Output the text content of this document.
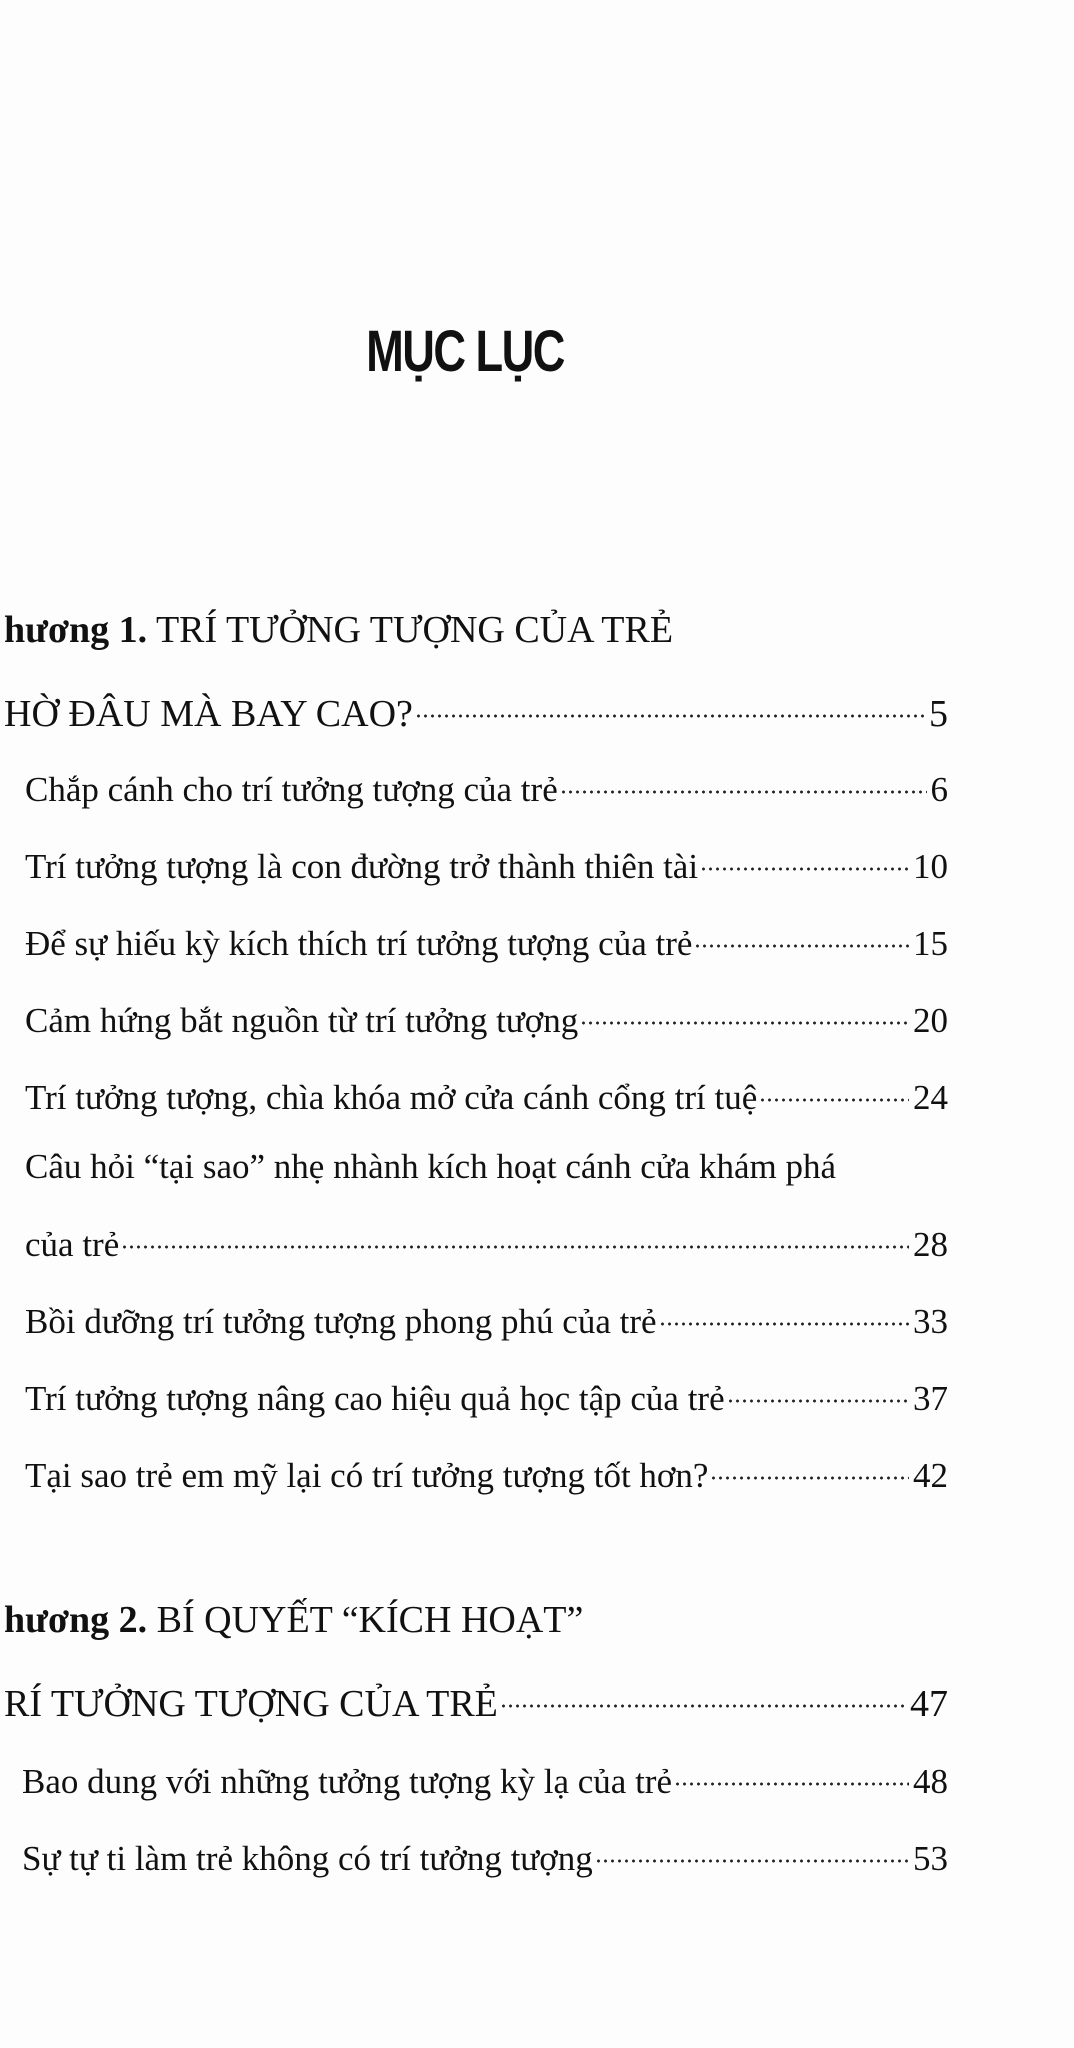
MỤC LỤC
hương 1. TRÍ TƯỞNG TƯỢNG CỦA TRẺ
HỜ ĐÂU MÀ BAY CAO?	5
Chắp cánh cho trí tưởng tượng của trẻ	6
Trí tưởng tượng là con đường trở thành thiên tài	10
Để sự hiếu kỳ kích thích trí tưởng tượng của trẻ	15
Cảm hứng bắt nguồn từ trí tưởng tượng	20
Trí tưởng tượng, chìa khóa mở cửa cánh cổng trí tuệ	24
Câu hỏi “tại sao” nhẹ nhành kích hoạt cánh cửa khám phá
của trẻ	28
Bồi dưỡng trí tưởng tượng phong phú của trẻ	33
Trí tưởng tượng nâng cao hiệu quả học tập của trẻ	37
Tại sao trẻ em mỹ lại có trí tưởng tượng tốt hơn?	42
hương 2. BÍ QUYẾT “KÍCH HOẠT”
RÍ TƯỞNG TƯỢNG CỦA TRẺ	47
Bao dung với những tưởng tượng kỳ lạ của trẻ	48
Sự tự ti làm trẻ không có trí tưởng tượng	53
